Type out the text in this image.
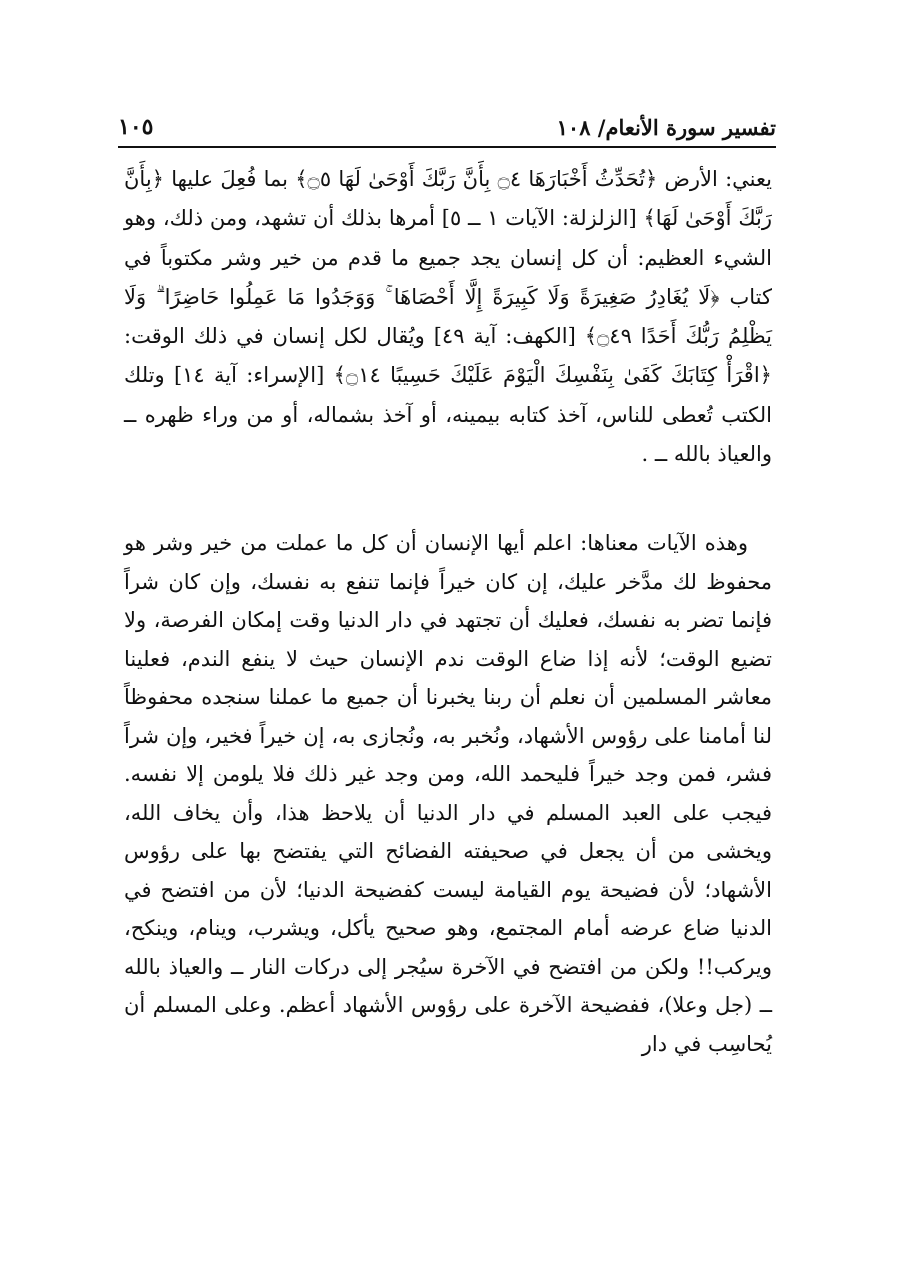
تفسير سورة الأنعام/ ١٠٨
١٠٥

يعني: الأرض ﴿تُحَدِّثُ أَخْبَارَهَا ۝٤ بِأَنَّ رَبَّكَ أَوْحَىٰ لَهَا ۝٥﴾ بما فُعِلَ عليها ﴿بِأَنَّ رَبَّكَ أَوْحَىٰ لَهَا﴾ [الزلزلة: الآيات ١ ــ ٥] أمرها بذلك أن تشهد، ومن ذلك، وهو الشيء العظيم: أن كل إنسان يجد جميع ما قدم من خير وشر مكتوباً في كتاب ﴿لَا يُغَادِرُ صَغِيرَةً وَلَا كَبِيرَةً إِلَّا أَحْصَاهَا ۚ وَوَجَدُوا مَا عَمِلُوا حَاضِرًا ۗ وَلَا يَظْلِمُ رَبُّكَ أَحَدًا ۝٤٩﴾ [الكهف: آية ٤٩] ويُقال لكل إنسان في ذلك الوقت: ﴿اقْرَأْ كِتَابَكَ كَفَىٰ بِنَفْسِكَ الْيَوْمَ عَلَيْكَ حَسِيبًا ۝١٤﴾ [الإسراء: آية ١٤] وتلك الكتب تُعطى للناس، آخذ كتابه بيمينه، أو آخذ بشماله، أو من وراء ظهره ــ والعياذ بالله ــ .

وهذه الآيات معناها: اعلم أيها الإنسان أن كل ما عملت من خير وشر هو محفوظ لك مدَّخر عليك، إن كان خيراً فإنما تنفع به نفسك، وإن كان شراً فإنما تضر به نفسك، فعليك أن تجتهد في دار الدنيا وقت إمكان الفرصة، ولا تضيع الوقت؛ لأنه إذا ضاع الوقت ندم الإنسان حيث لا ينفع الندم، فعلينا معاشر المسلمين أن نعلم أن ربنا يخبرنا أن جميع ما عملنا سنجده محفوظاً لنا أمامنا على رؤوس الأشهاد، ونُخبر به، ونُجازى به، إن خيراً فخير، وإن شراً فشر، فمن وجد خيراً فليحمد الله، ومن وجد غير ذلك فلا يلومن إلا نفسه. فيجب على العبد المسلم في دار الدنيا أن يلاحظ هذا، وأن يخاف الله، ويخشى من أن يجعل في صحيفته الفضائح التي يفتضح بها على رؤوس الأشهاد؛ لأن فضيحة يوم القيامة ليست كفضيحة الدنيا؛ لأن من افتضح في الدنيا ضاع عرضه أمام المجتمع، وهو صحيح يأكل، ويشرب، وينام، وينكح، ويركب!! ولكن من افتضح في الآخرة سيُجر إلى دركات النار ــ والعياذ بالله ــ (جل وعلا)، ففضيحة الآخرة على رؤوس الأشهاد أعظم. وعلى المسلم أن يُحاسِب في دار
